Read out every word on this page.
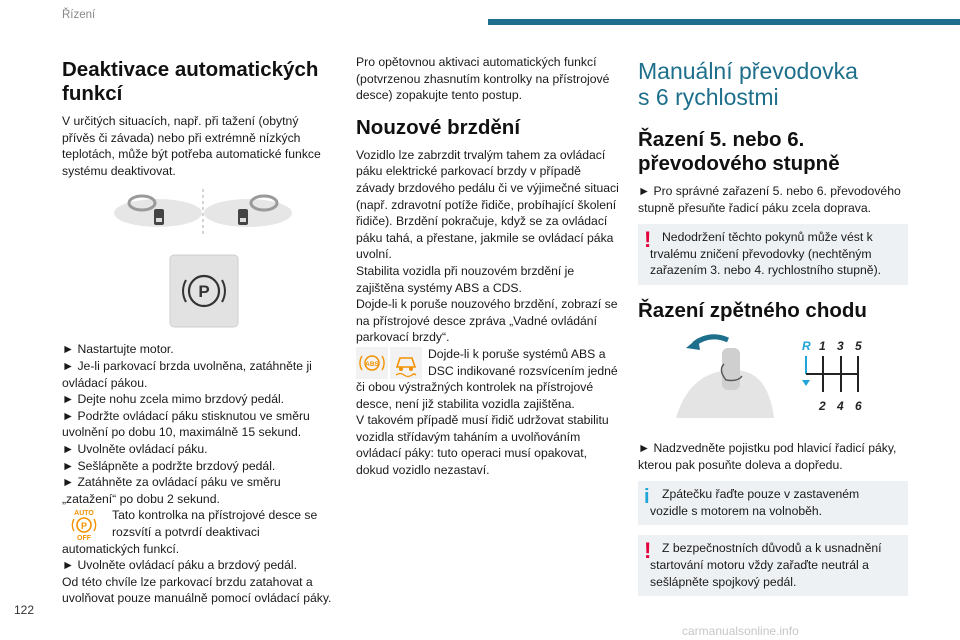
Řízení
Deaktivace automatických funkcí

V určitých situacích, např. při tažení (obytný přívěs či závada) nebo při extrémně nízkých teplotách, může být potřeba automatické funkce systému deaktivovat.

P
► Nastartujte motor.
► Je-li parkovací brzda uvolněna, zatáhněte ji ovládací pákou.
► Dejte nohu zcela mimo brzdový pedál.
► Podržte ovládací páku stisknutou ve směru uvolnění po dobu 10, maximálně 15 sekund.
► Uvolněte ovládací páku.
► Sešlápněte a podržte brzdový pedál.
► Zatáhněte za ovládací páku ve směru „zatažení“ po dobu 2 sekund.
AUTO
P
OFF

Tato kontrolka na přístrojové desce se rozsvítí a potvrdí deaktivaci automatických funkcí.

► Uvolněte ovládací páku a brzdový pedál.
Od této chvíle lze parkovací brzdu zatahovat a uvolňovat pouze manuálně pomocí ovládací páky.

Pro opětovnou aktivaci automatických funkcí (potvrzenou zhasnutím kontrolky na přístrojové desce) zopakujte tento postup.

Nouzové brzdění

Vozidlo lze zabrzdit trvalým tahem za ovládací páku elektrické parkovací brzdy v případě závady brzdového pedálu či ve výjimečné situaci (např. zdravotní potíže řidiče, probíhající školení řidiče). Brzdění pokračuje, když se za ovládací páku tahá, a přestane, jakmile se ovládací páka uvolní.

Stabilita vozidla při nouzovém brzdění je zajištěna systémy ABS a CDS.

Dojde-li k poruše nouzového brzdění, zobrazí se na přístrojové desce zpráva „Vadné ovládání parkovací brzdy“.

ABS

Dojde-li k poruše systémů ABS a DSC indikované rozsvícením jedné či obou výstražných kontrolek na přístrojové desce, není již stabilita vozidla zajištěna.

V takovém případě musí řidič udržovat stabilitu vozidla střídavým taháním a uvolňováním ovládací páky: tuto operaci musí opakovat, dokud vozidlo nezastaví.

Manuální převodovka s 6 rychlostmi
Řazení 5. nebo 6. převodového stupně

► Pro správné zařazení 5. nebo 6. převodového stupně přesuňte řadicí páku zcela doprava.

! Nedodržení těchto pokynů může vést k trvalému zničení převodovky (nechtěným zařazením 3. nebo 4. rychlostního stupně).

Řazení zpětného chodu
R 1 3 5
2 4 6

► Nadzvedněte pojistku pod hlavicí řadicí páky, kterou pak posuňte doleva a dopředu.

i	Zpátečku řaďte pouze v zastaveném vozidle s motorem na volnoběh.

! Z bezpečnostních důvodů a k usnadnění startování motoru vždy zařaďte neutrál a sešlápněte spojkový pedál.

122
carmanualsonline.info
